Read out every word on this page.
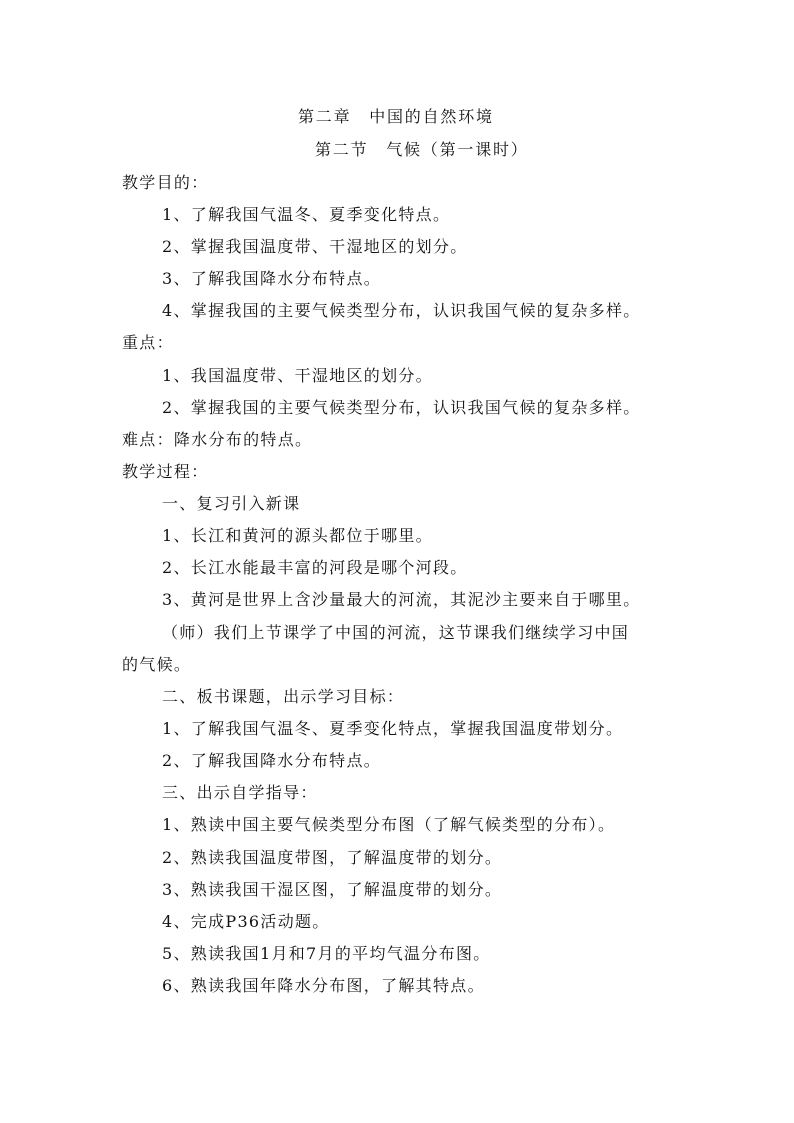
第二章　中国的自然环境
第二节　气候（第一课时）
教学目的：
1、了解我国气温冬、夏季变化特点。
2、掌握我国温度带、干湿地区的划分。
3、了解我国降水分布特点。
4、掌握我国的主要气候类型分布，认识我国气候的复杂多样。
重点：
1、我国温度带、干湿地区的划分。
2、掌握我国的主要气候类型分布，认识我国气候的复杂多样。
难点：降水分布的特点。
教学过程：
一、复习引入新课
1、长江和黄河的源头都位于哪里。
2、长江水能最丰富的河段是哪个河段。
3、黄河是世界上含沙量最大的河流，其泥沙主要来自于哪里。
（师）我们上节课学了中国的河流，这节课我们继续学习中国
的气候。
二、板书课题，出示学习目标：
1、了解我国气温冬、夏季变化特点，掌握我国温度带划分。
2、了解我国降水分布特点。
三、出示自学指导：
1、熟读中国主要气候类型分布图（了解气候类型的分布）。
2、熟读我国温度带图，了解温度带的划分。
3、熟读我国干湿区图，了解温度带的划分。
4、完成P36活动题。
5、熟读我国1月和7月的平均气温分布图。
6、熟读我国年降水分布图，了解其特点。
